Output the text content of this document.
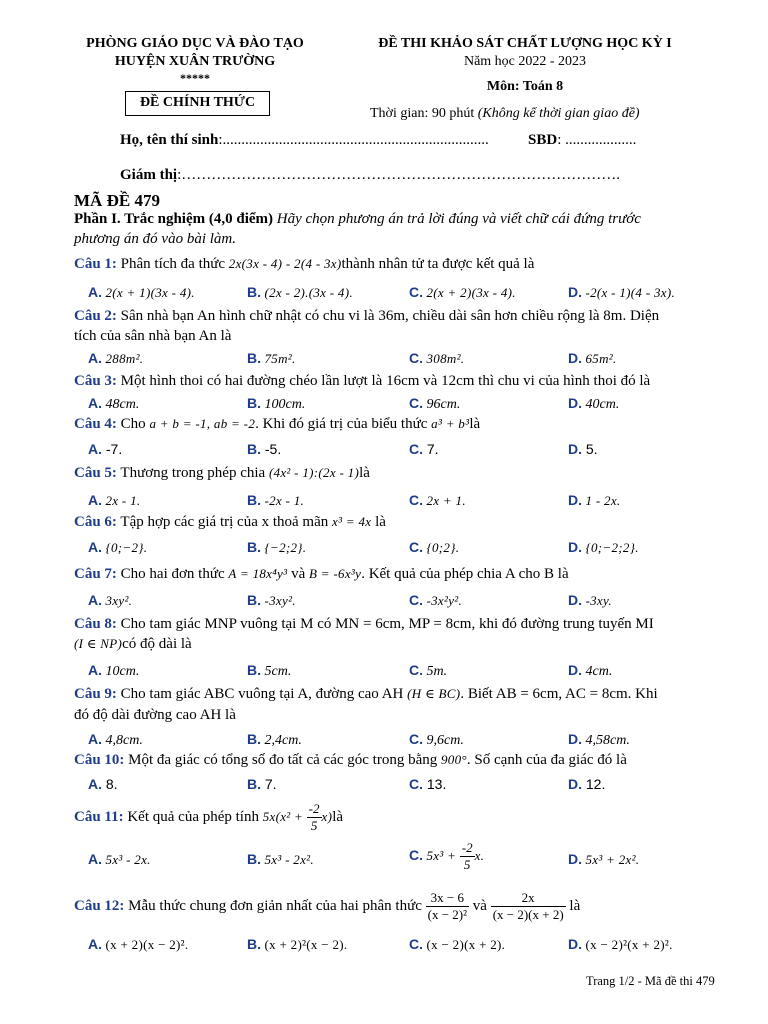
PHÒNG GIÁO DỤC VÀ ĐÀO TẠO
HUYỆN XUÂN TRƯỜNG
*****
ĐỀ CHÍNH THỨC
ĐỀ THI KHẢO SÁT CHẤT LƯỢNG HỌC KỲ I
Năm học 2022 - 2023
Môn: Toán 8
Thời gian: 90 phút (Không kể thời gian giao đề)
Họ, tên thí sinh:.......................................................................	SBD: ...................
Giám thị:…………………………………………………………………………….
MÃ ĐỀ 479
Phần I. Trắc nghiệm (4,0 điểm) Hãy chọn phương án trả lời đúng và viết chữ cái đứng trước
phương án đó vào bài làm.
Câu 1: Phân tích đa thức 2x(3x - 4) - 2(4 - 3x)thành nhân tử ta được kết quả là
A. 2(x + 1)(3x - 4).	B. (2x - 2).(3x - 4).	C. 2(x + 2)(3x - 4).	D. -2(x - 1)(4 - 3x).
Câu 2: Sân nhà bạn An hình chữ nhật có chu vi là 36m, chiều dài sân hơn chiều rộng là 8m. Diện
tích của sân nhà bạn An là
A. 288m².	B. 75m².	C. 308m².	D. 65m².
Câu 3: Một hình thoi có hai đường chéo lần lượt là 16cm và 12cm thì chu vi của hình thoi đó là
A. 48cm.	B. 100cm.	C. 96cm.	D. 40cm.
Câu 4: Cho a + b = -1, ab = -2. Khi đó giá trị của biểu thức a³ + b³là
A. -7.	B. -5.	C. 7.	D. 5.
Câu 5: Thương trong phép chia (4x² - 1):(2x - 1)là
A. 2x - 1.	B. -2x - 1.	C. 2x + 1.	D. 1 - 2x.
Câu 6: Tập hợp các giá trị của x thoả mãn x³ = 4x là
A. {0;−2}.	B. {−2;2}.	C. {0;2}.	D. {0;−2;2}.
Câu 7: Cho hai đơn thức A = 18x⁴y³ và B = -6x³y. Kết quả của phép chia A cho B là
A. 3xy².	B. -3xy².	C. -3x²y².	D. -3xy.
Câu 8: Cho tam giác MNP vuông tại M có MN = 6cm, MP = 8cm, khi đó đường trung tuyến MI
(I ∈ NP)có độ dài là
A. 10cm.	B. 5cm.	C. 5m.	D. 4cm.
Câu 9: Cho tam giác ABC vuông tại A, đường cao AH (H ∈ BC). Biết AB = 6cm, AC = 8cm. Khi
đó độ dài đường cao AH là
A. 4,8cm.	B. 2,4cm.	C. 9,6cm.	D. 4,58cm.
Câu 10: Một đa giác có tổng số đo tất cả các góc trong bằng 900°. Số cạnh của đa giác đó là
A. 8.	B. 7.	C. 13.	D. 12.
Câu 11: Kết quả của phép tính $5x(x^2 + \frac{-2}{5}$ x)là
A. 5x³ - 2x.	B. 5x³ - 2x².	C. $5x^3 + \frac{-2}{5} x$.	D. 5x³ + 2x².
Câu 12: Mẫu thức chung đơn giản nhất của hai phân thức $\frac{3x - 6}{\text{(x − 2)²}}$ và $\frac{2x}{(x - 2)(x + 2)}$ là
A. (x + 2)(x − 2)².	B. (x + 2)²(x − 2).	C. (x − 2)(x + 2).	D. (x − 2)²(x + 2)².
Trang 1/2 - Mã đề thi 479
